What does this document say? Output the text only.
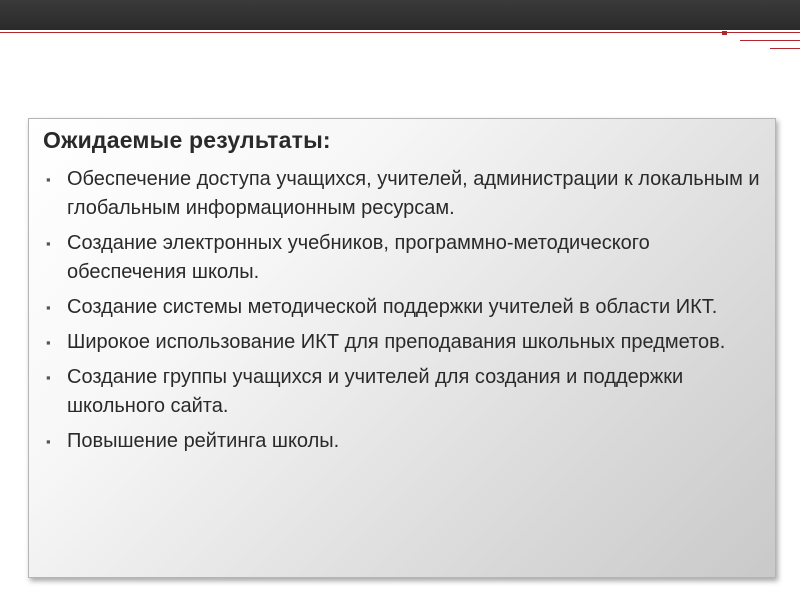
Ожидаемые результаты:
▪ Обеспечение доступа учащихся, учителей, администрации к локальным и глобальным информационным ресурсам.
▪ Создание электронных учебников, программно-методического обеспечения школы.
▪ Создание системы методической поддержки учителей в области ИКТ.
▪ Широкое использование ИКТ для преподавания школьных предметов.
▪ Создание группы учащихся и учителей для создания и поддержки школьного сайта.
▪ Повышение рейтинга школы.
